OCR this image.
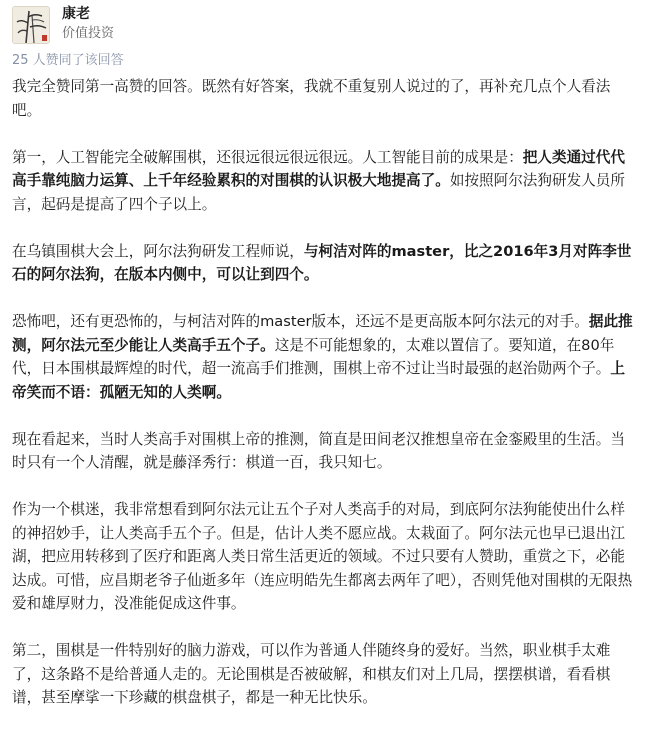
康老
价值投资
25 人赞同了该回答

我完全赞同第一高赞的回答。既然有好答案，我就不重复别人说过的了，再补充几点个人看法吧。

第一，人工智能完全破解围棋，还很远很远很远很远。人工智能目前的成果是：把人类通过代代高手靠纯脑力运算、上千年经验累积的对围棋的认识极大地提高了。如按照阿尔法狗研发人员所言，起码是提高了四个子以上。

在乌镇围棋大会上，阿尔法狗研发工程师说，与柯洁对阵的master，比之2016年3月对阵李世石的阿尔法狗，在版本内侧中，可以让到四个。

恐怖吧，还有更恐怖的，与柯洁对阵的master版本，还远不是更高版本阿尔法元的对手。据此推测，阿尔法元至少能让人类高手五个子。这是不可能想象的，太难以置信了。要知道，在80年代，日本围棋最辉煌的时代，超一流高手们推测，围棋上帝不过让当时最强的赵治勋两个子。上帝笑而不语：孤陋无知的人类啊。

现在看起来，当时人类高手对围棋上帝的推测，简直是田间老汉推想皇帝在金銮殿里的生活。当时只有一个人清醒，就是藤泽秀行：棋道一百，我只知七。

作为一个棋迷，我非常想看到阿尔法元让五个子对人类高手的对局，到底阿尔法狗能使出什么样的神招妙手，让人类高手五个子。但是，估计人类不愿应战。太栽面了。阿尔法元也早已退出江湖，把应用转移到了医疗和距离人类日常生活更近的领域。不过只要有人赞助，重赏之下，必能达成。可惜，应昌期老爷子仙逝多年（连应明皓先生都离去两年了吧），否则凭他对围棋的无限热爱和雄厚财力，没准能促成这件事。

第二，围棋是一件特别好的脑力游戏，可以作为普通人伴随终身的爱好。当然，职业棋手太难了，这条路不是给普通人走的。无论围棋是否被破解，和棋友们对上几局，摆摆棋谱，看看棋谱，甚至摩挲一下珍藏的棋盘棋子，都是一种无比快乐。
